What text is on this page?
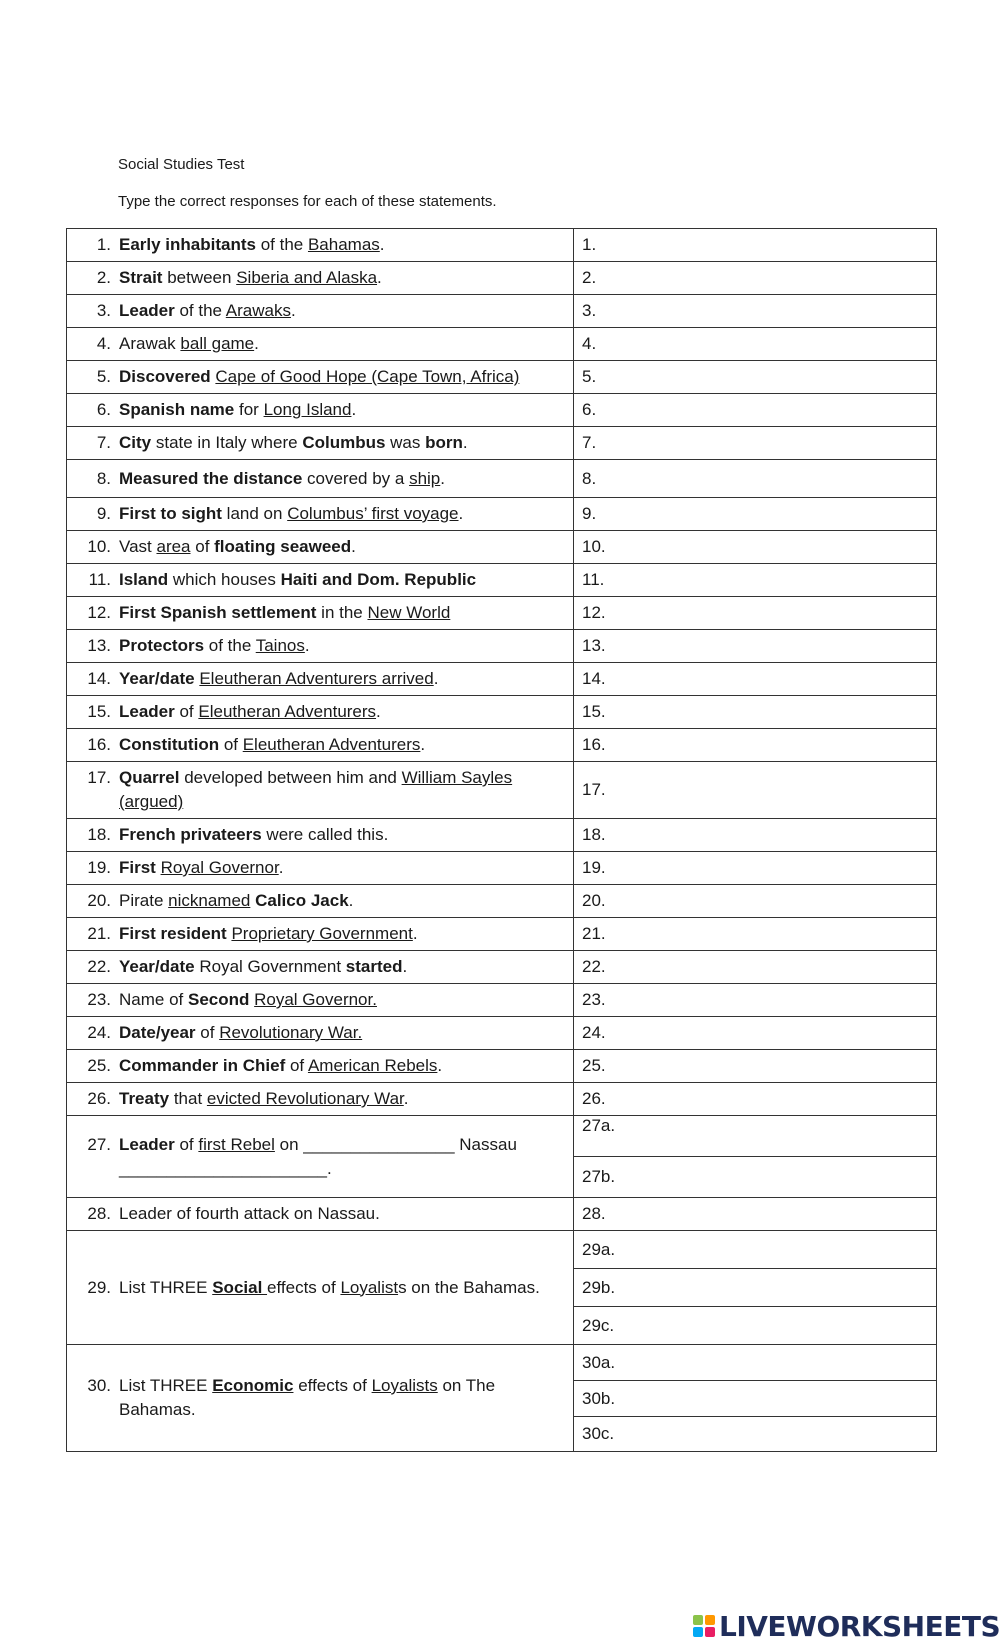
Social Studies Test
Type the correct responses for each of these statements.
1. Early inhabitants of the Bahamas.	1.

2. Strait between Siberia and Alaska.	2.

3. Leader of the Arawaks.	3.

4. Arawak ball game.	4.

5. Discovered Cape of Good Hope (Cape Town, Africa)	5.

6. Spanish name for Long Island.	6.

7. City state in Italy where Columbus was born.	7.

8. Measured the distance covered by a ship.	8.

9. First to sight land on Columbus’ first voyage.	9.

10. Vast area of floating seaweed.	10.

11. Island which houses Haiti and Dom. Republic	11.

12. First Spanish settlement in the New World	12.

13. Protectors of the Tainos.	13.

14. Year/date Eleutheran Adventurers arrived.	14.

15. Leader of Eleutheran Adventurers.	15.

16. Constitution of Eleutheran Adventurers.	16.

17. Quarrel developed between him and William Sayles (argued)	17.

18. French privateers were called this.	18.

19. First Royal Governor.	19.

20. Pirate nicknamed Calico Jack.	20.

21. First resident Proprietary Government.	21.

22. Year/date Royal Government started.	22.

23. Name of Second Royal Governor.	23.

24. Date/year of Revolutionary War.	24.

25. Commander in Chief of American Rebels.	25.

26. Treaty that evicted Revolutionary War.	26.

27. Leader of first Rebel on ________________ Nassau ______________________.	27a.
	27b.

28. Leader of fourth attack on Nassau.	28.

29. List THREE Social effects of Loyalists on the Bahamas.	29a.
	29b.
	29c.

30. List THREE Economic effects of Loyalists on The Bahamas.	30a.
	30b.
	30c.
LIVEWORKSHEETS
